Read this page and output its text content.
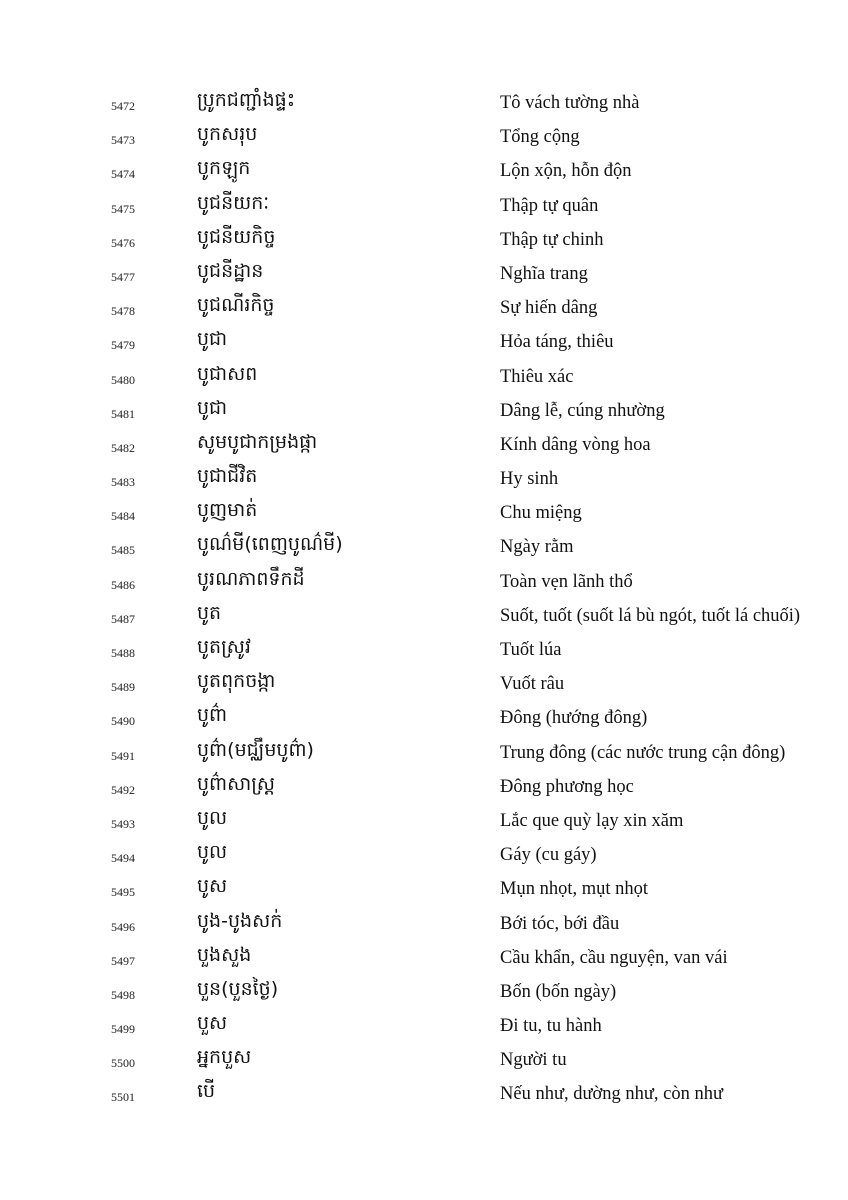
5472	ប្រូកជញ្ជាំងផ្ទះ	Tô vách tường nhà
5473	បូកសរុប	Tổng cộng
5474	បូកឡូក	Lộn xộn, hỗn độn
5475	បូជនីយកៈ	Thập tự quân
5476	បូជនីយកិច្ច	Thập tự chinh
5477	បូជនីដ្ឋាន	Nghĩa trang
5478	បូជណីរកិច្ច	Sự hiến dâng
5479	បូជា	Hỏa táng, thiêu
5480	បូជាសព	Thiêu xác
5481	បូជា	Dâng lễ, cúng nhường
5482	សូមបូជាកម្រងផ្កា	Kính dâng vòng hoa
5483	បូជាជីវិត	Hy sinh
5484	បូញមាត់	Chu miệng
5485	បូណ៌មី(ពេញបូណ៌មី)	Ngày rằm
5486	បូរណភាពទឹកដី	Toàn vẹn lãnh thổ
5487	បូត	Suốt, tuốt (suốt lá bù ngót, tuốt lá chuối)
5488	បូតស្រូវ	Tuốt lúa
5489	បូតពុកចង្កា	Vuốt râu
5490	បូព៌ា	Đông (hướng đông)
5491	បូព៌ា(មជ្ឈឹមបូព៌ា)	Trung đông (các nước trung cận đông)
5492	បូព៌ាសាស្ត្រ	Đông phương học
5493	បូល	Lắc que quỳ lạy xin xăm
5494	បូល	Gáy (cu gáy)
5495	បូស	Mụn nhọt, mụt nhọt
5496	បូង-បូងសក់	Bới tóc, bới đầu
5497	បួងសួង	Cầu khẩn, cầu nguyện, van vái
5498	បួន(បួនថ្ងៃ)	Bốn (bốn ngày)
5499	បួស	Đi tu, tu hành
5500	អ្នកបួស	Người tu
5501	បើ	Nếu như, dường như, còn như
